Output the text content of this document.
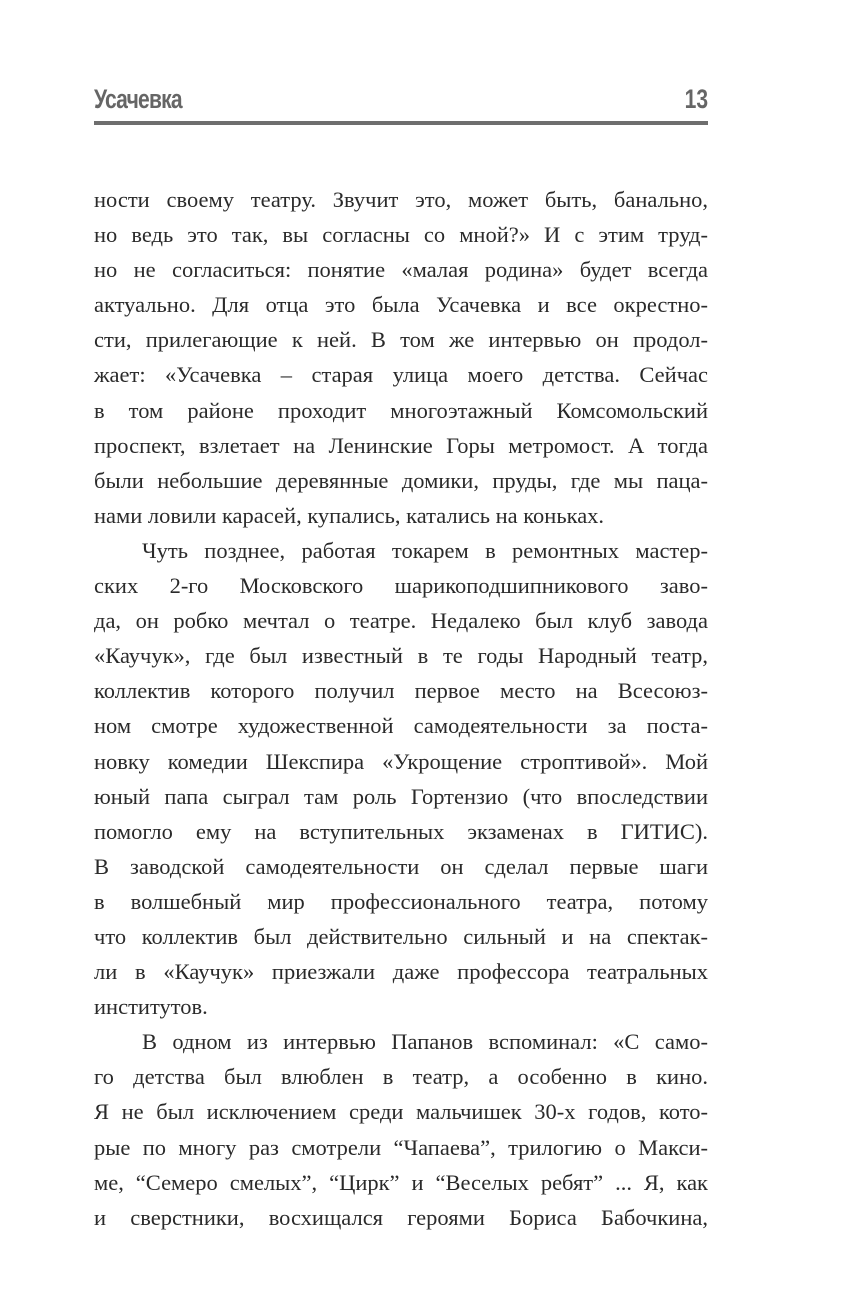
Усачевка	13
ности своему театру. Звучит это, может быть, банально,
но ведь это так, вы согласны со мной?» И с этим труд-
но не согласиться: понятие «малая родина» будет всегда
актуально. Для отца это была Усачевка и все окрестно-
сти, прилегающие к ней. В том же интервью он продол-
жает: «Усачевка – старая улица моего детства. Сейчас
в том районе проходит многоэтажный Комсомольский
проспект, взлетает на Ленинские Горы метромост. А тогда
были небольшие деревянные домики, пруды, где мы паца-
нами ловили карасей, купались, катались на коньках.
Чуть позднее, работая токарем в ремонтных мастер-
ских 2-го Московского шарикоподшипникового заво-
да, он робко мечтал о театре. Недалеко был клуб завода
«Каучук», где был известный в те годы Народный театр,
коллектив которого получил первое место на Всесоюз-
ном смотре художественной самодеятельности за поста-
новку комедии Шекспира «Укрощение строптивой». Мой
юный папа сыграл там роль Гортензио (что впоследствии
помогло ему на вступительных экзаменах в ГИТИС).
В заводской самодеятельности он сделал первые шаги
в волшебный мир профессионального театра, потому
что коллектив был действительно сильный и на спектак-
ли в «Каучук» приезжали даже профессора театральных
институтов.
В одном из интервью Папанов вспоминал: «С само-
го детства был влюблен в театр, а особенно в кино.
Я не был исключением среди мальчишек 30-х годов, кото-
рые по многу раз смотрели “Чапаева”, трилогию о Макси-
ме, “Семеро смелых”, “Цирк” и “Веселых ребят” ... Я, как
и сверстники, восхищался героями Бориса Бабочкина,
